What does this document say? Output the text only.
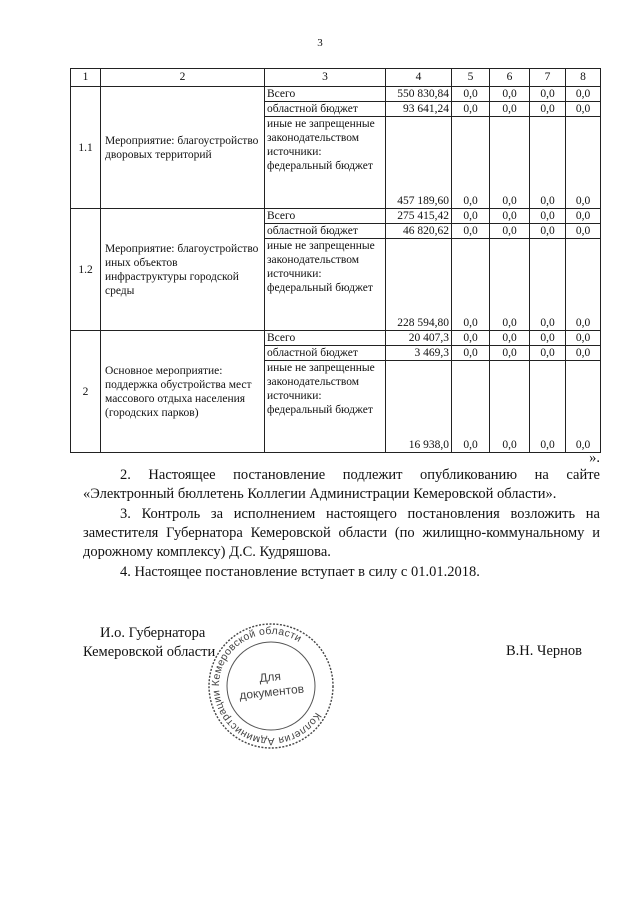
3
1	2	3	4	5	6	7	8
1.1	Мероприятие: благоустройство дворовых территорий	Всего	550 830,84	0,0	0,0	0,0	0,0
		областной бюджет	93 641,24	0,0	0,0	0,0	0,0
		иные не запрещенные законодательством источники: федеральный бюджет	457 189,60	0,0	0,0	0,0	0,0
1.2	Мероприятие: благоустройство иных объектов инфраструктуры городской среды	Всего	275 415,42	0,0	0,0	0,0	0,0
		областной бюджет	46 820,62	0,0	0,0	0,0	0,0
		иные не запрещенные законодательством источники: федеральный бюджет	228 594,80	0,0	0,0	0,0	0,0
2	Основное мероприятие: поддержка обустройства мест массового отдыха населения (городских парков)	Всего	20 407,3	0,0	0,0	0,0	0,0
		областной бюджет	3 469,3	0,0	0,0	0,0	0,0
		иные не запрещенные законодательством источники: федеральный бюджет	16 938,0	0,0	0,0	0,0	0,0
».
2. Настоящее постановление подлежит опубликованию на сайте «Электронный бюллетень Коллегии Администрации Кемеровской области».
3. Контроль за исполнением настоящего постановления возложить на заместителя Губернатора Кемеровской области (по жилищно-коммунальному и дорожному комплексу) Д.С. Кудряшова.
4. Настоящее постановление вступает в силу с 01.01.2018.
И.о. Губернатора
Кемеровской области
Коллегия Администрации Кемеровской области
Для
документов
В.Н. Чернов
